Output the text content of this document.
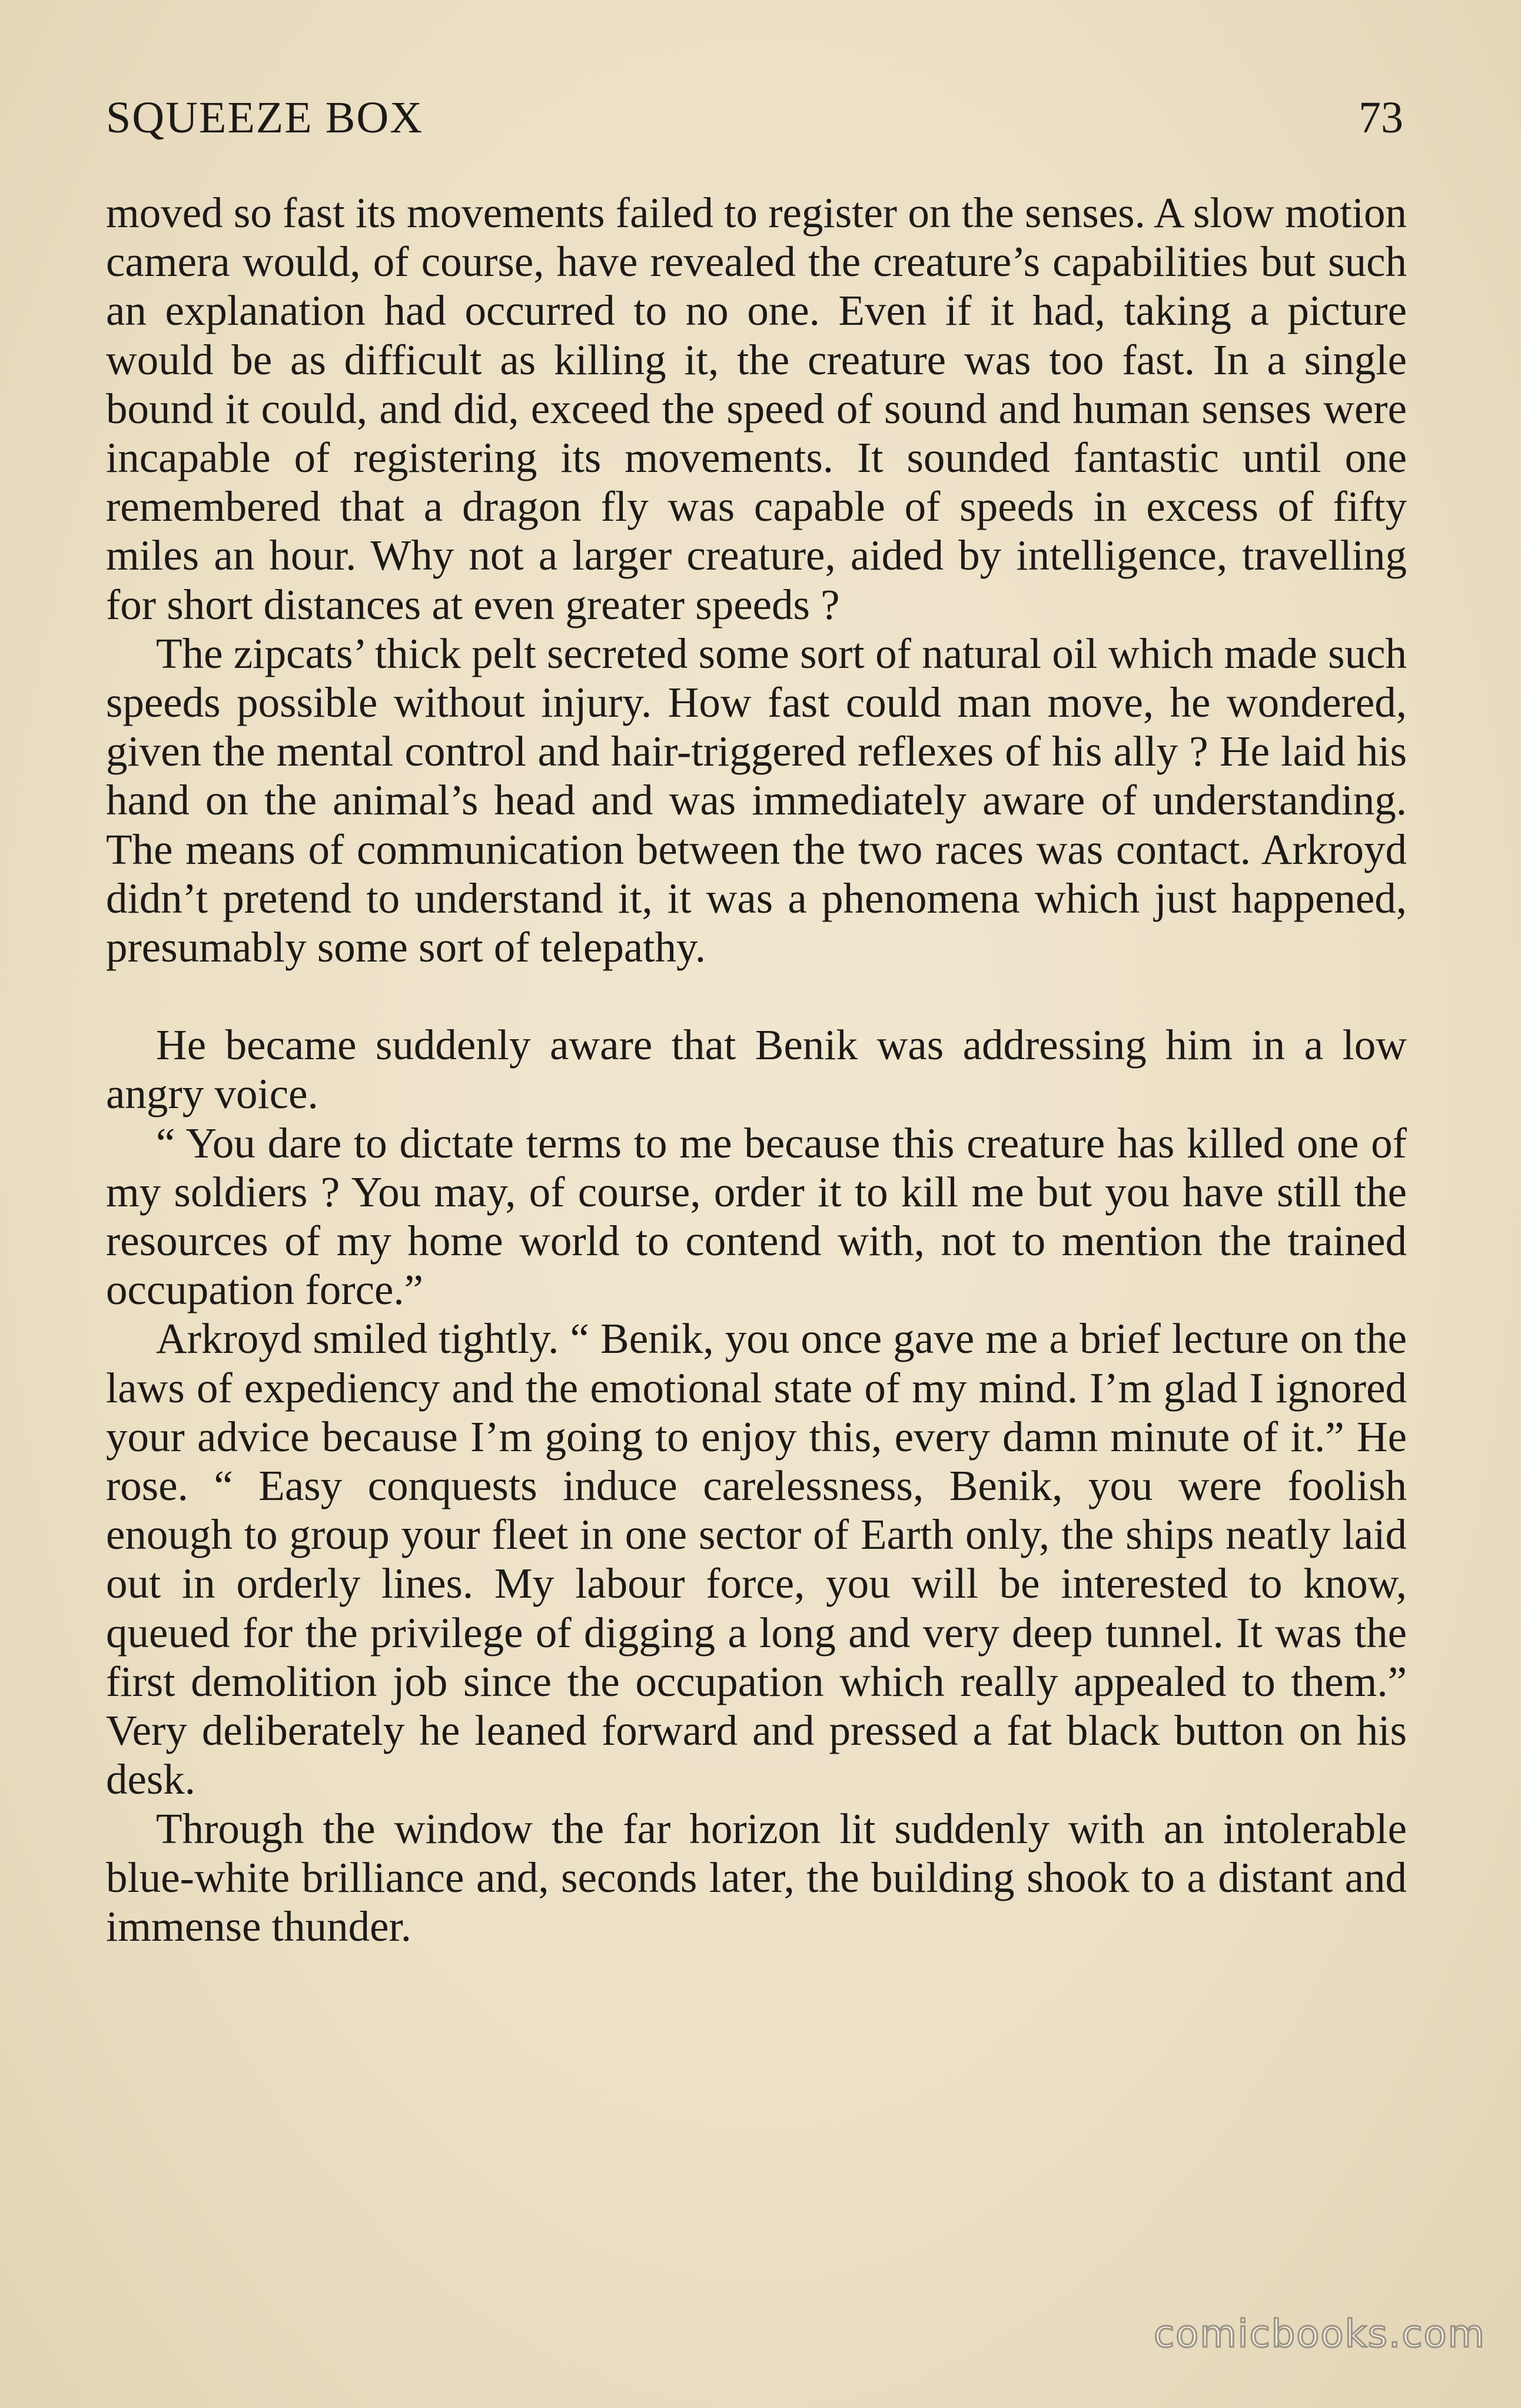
SQUEEZE BOX	73

moved so fast its movements failed to register on the senses. A slow motion camera would, of course, have revealed the creature’s capabilities but such an explanation had occurred to no one. Even if it had, taking a picture would be as difficult as killing it, the creature was too fast. In a single bound it could, and did, exceed the speed of sound and human senses were incapable of registering its movements. It sounded fantastic until one remembered that a dragon fly was capable of speeds in excess of fifty miles an hour. Why not a larger creature, aided by intelligence, travelling for short distances at even greater speeds ?

The zipcats’ thick pelt secreted some sort of natural oil which made such speeds possible without injury. How fast could man move, he wondered, given the mental control and hair-triggered reflexes of his ally ? He laid his hand on the animal’s head and was immediately aware of understanding. The means of communication between the two races was contact. Arkroyd didn’t pretend to understand it, it was a phenomena which just happened, presumably some sort of telepathy.

He became suddenly aware that Benik was addressing him in a low angry voice.

“ You dare to dictate terms to me because this creature has killed one of my soldiers ? You may, of course, order it to kill me but you have still the resources of my home world to contend with, not to mention the trained occupation force.”

Arkroyd smiled tightly. “ Benik, you once gave me a brief lecture on the laws of expediency and the emotional state of my mind. I’m glad I ignored your advice because I’m going to enjoy this, every damn minute of it.” He rose. “ Easy conquests induce carelessness, Benik, you were foolish enough to group your fleet in one sector of Earth only, the ships neatly laid out in orderly lines. My labour force, you will be interested to know, queued for the privilege of digging a long and very deep tunnel. It was the first demolition job since the occupation which really appealed to them.” Very deliberately he leaned forward and pressed a fat black button on his desk.

Through the window the far horizon lit suddenly with an intolerable blue-white brilliance and, seconds later, the building shook to a distant and immense thunder.

comicbooks.com
